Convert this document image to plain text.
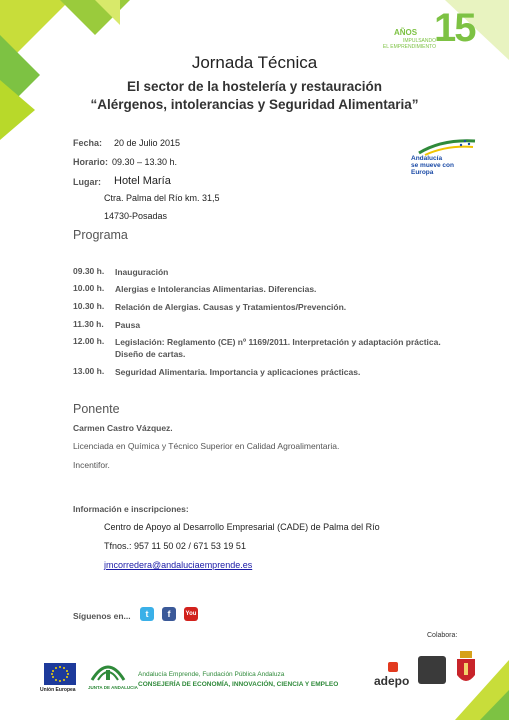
AÑOS 15
IMPULSANDO
EL EMPRENDIMIENTO
Jornada Técnica
El sector de la hostelería y restauración
“Alérgenos, intolerancias y Seguridad Alimentaria”
Fecha: 20 de Julio 2015
Horario: 09.30 – 13.30 h.
Lugar: Hotel María
Ctra. Palma del Río km. 31,5
14730-Posadas
Andalucía
se mueve con Europa
Programa
09.30 h.	Inauguración
10.00 h.	Alergias e Intolerancias Alimentarias. Diferencias.
10.30 h.	Relación de Alergias. Causas y Tratamientos/Prevención.
11.30 h.	Pausa
12.00 h.	Legislación: Reglamento (CE) nº 1169/2011. Interpretación y adaptación práctica. Diseño de cartas.
13.00 h.	Seguridad Alimentaria. Importancia y aplicaciones prácticas.
Ponente
Carmen Castro Vázquez.
Licenciada en Química y Técnico Superior en Calidad Agroalimentaria.
Incentifor.
Información e inscripciones:
Centro de Apoyo al Desarrollo Empresarial (CADE) de Palma del Río
Tfnos.: 957 11 50 02 / 671 53 19 51
jmcorredera@andaluciaemprende.es
Síguenos en...	t	f	You
Colabora:
Unión Europea	JUNTA DE ANDALUCIA
Andalucía Emprende, Fundación Pública Andaluza
CONSEJERÍA DE ECONOMÍA, INNOVACIÓN, CIENCIA Y EMPLEO	adepo
